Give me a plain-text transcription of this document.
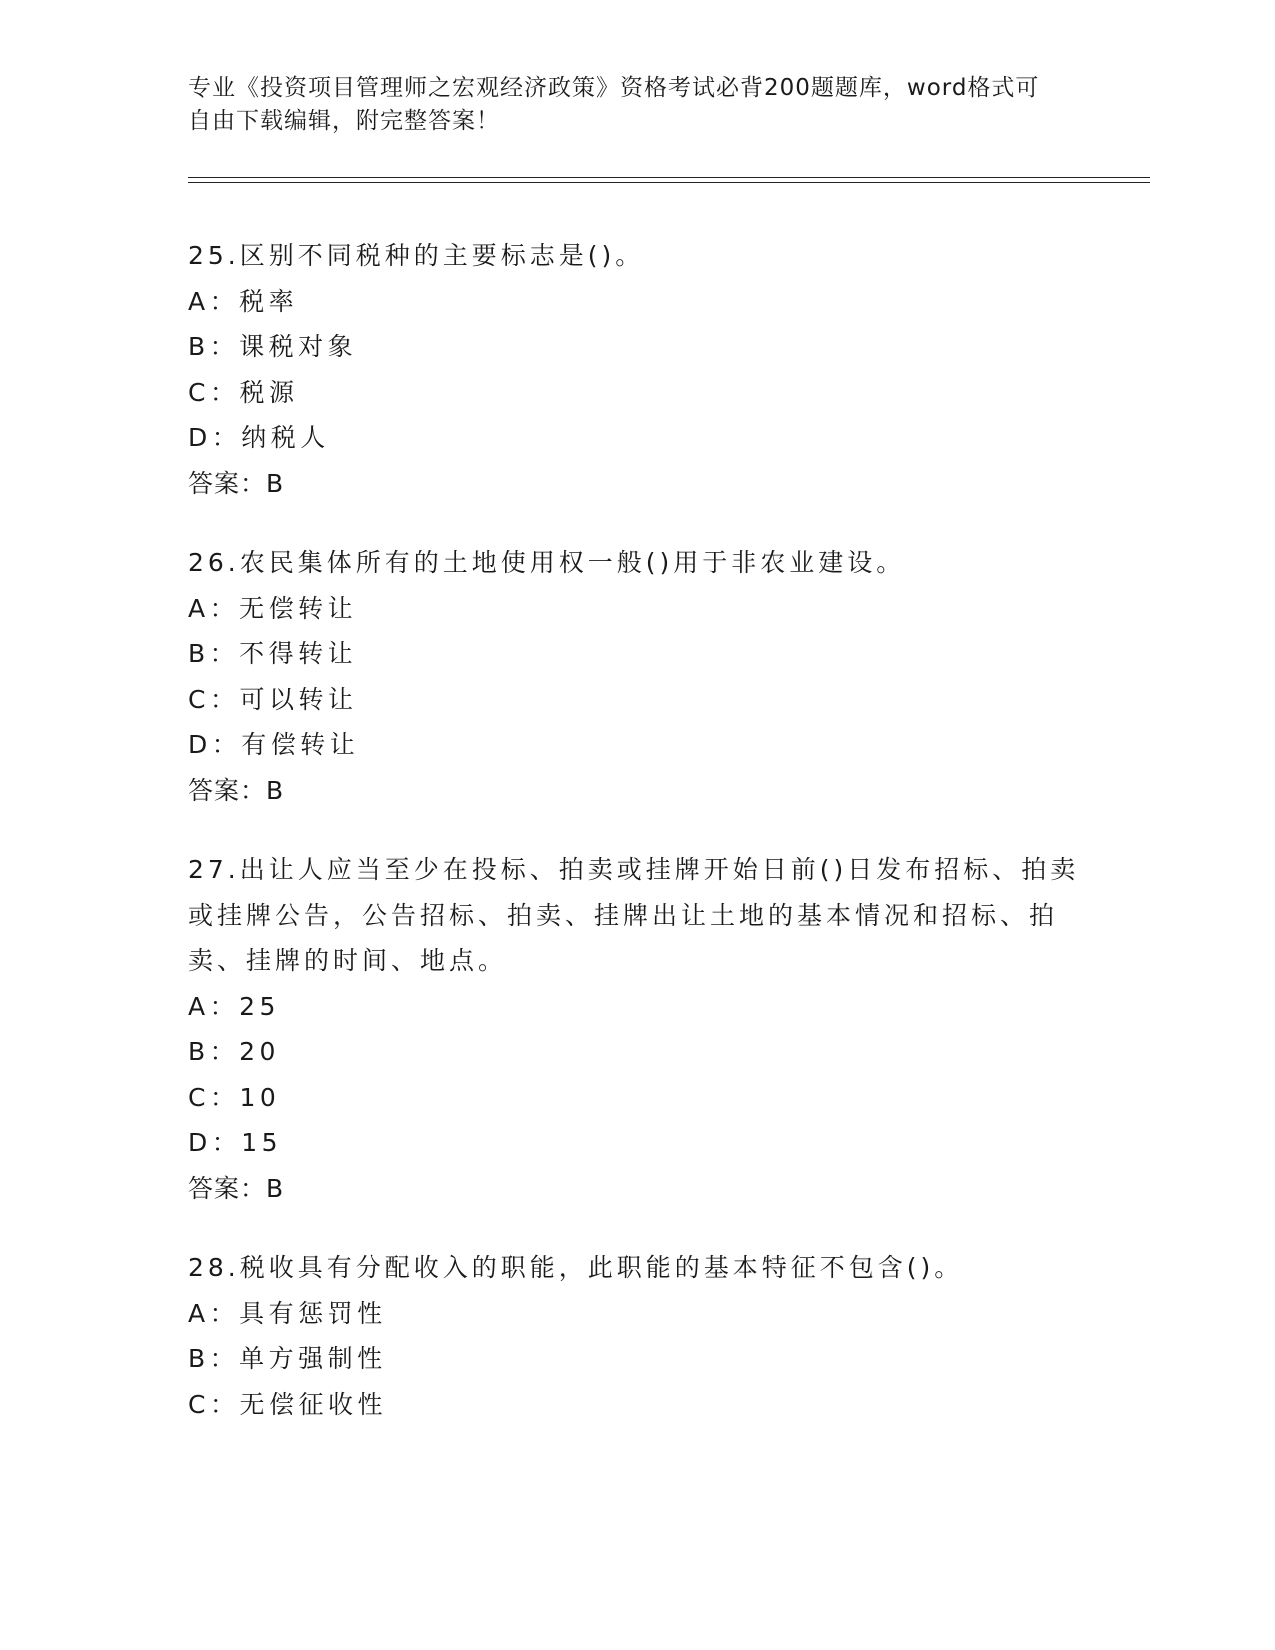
专业《投资项目管理师之宏观经济政策》资格考试必背200题题库，word格式可
自由下载编辑，附完整答案！

25.区别不同税种的主要标志是()。

A：税率

B：课税对象

C：税源

D：纳税人

答案：B

26.农民集体所有的土地使用权一般()用于非农业建设。

A：无偿转让

B：不得转让

C：可以转让

D：有偿转让

答案：B

27.出让人应当至少在投标、拍卖或挂牌开始日前()日发布招标、拍卖

或挂牌公告，公告招标、拍卖、挂牌出让土地的基本情况和招标、拍

卖、挂牌的时间、地点。

A：25

B：20

C：10

D：15

答案：B

28.税收具有分配收入的职能，此职能的基本特征不包含()。

A：具有惩罚性

B：单方强制性

C：无偿征收性
